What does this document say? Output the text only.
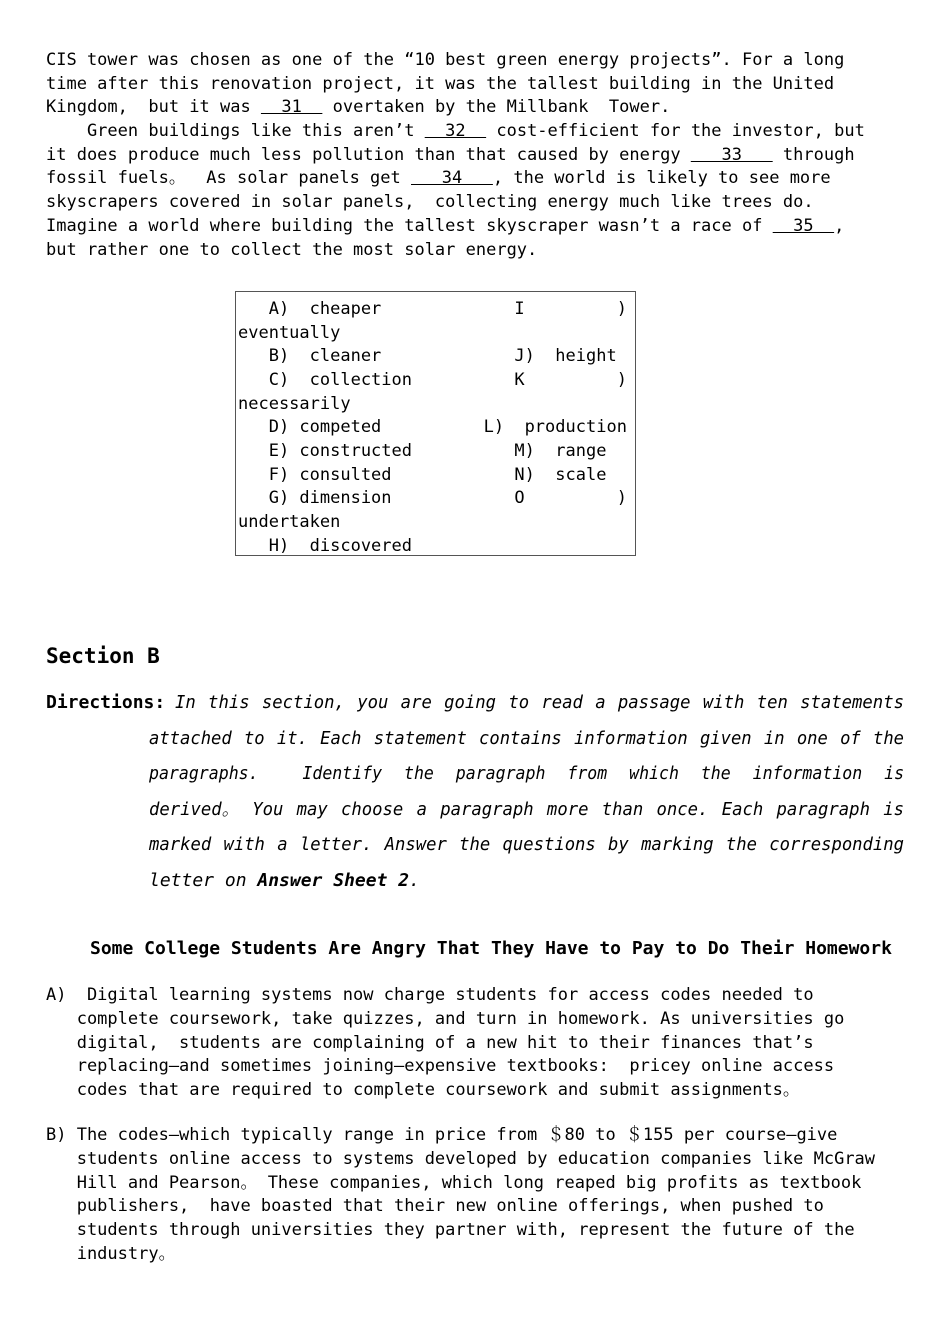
CIS tower was chosen as one of the “10 best green energy projects”. For a long
time after this renovation project, it was the tallest building in the United
Kingdom,  but it was   31   overtaken by the Millbank  Tower.
Green buildings like this aren’t   32   cost-efficient for the investor, but
it does produce much less pollution than that caused by energy    33    through
fossil fuels。  As solar panels get    34   , the world is likely to see more
skyscrapers covered in solar panels,  collecting energy much like trees do.
Imagine a world where building the tallest skyscraper wasn’t a race of   35  ,
but rather one to collect the most solar energy.
A)  cheaper             I         )
eventually
B)  cleaner             J)  height
C)  collection          K         )
necessarily
D) competed          L)  production
E) constructed          M)  range
F) consulted            N)  scale
G) dimension            O         )
undertaken
H)  discovered
Section B
Directions: In this section, you are going to read a passage with ten statements
attached to it. Each statement contains information given in one of the
paragraphs.  Identify the paragraph from which the information is
derived。 You may choose a paragraph more than once. Each paragraph is
marked with a letter. Answer the questions by marking the corresponding
letter on Answer Sheet 2.
Some College Students Are Angry That They Have to Pay to Do Their Homework
A)  Digital learning systems now charge students for access codes needed to
complete coursework, take quizzes, and turn in homework. As universities go
digital,  students are complaining of a new hit to their finances that’s
replacing—and sometimes joining—expensive textbooks:  pricey online access
codes that are required to complete coursework and submit assignments。
B) The codes—which typically range in price from ＄80 to ＄155 per course—give
students online access to systems developed by education companies like McGraw
Hill and Pearson。 These companies, which long reaped big profits as textbook
publishers,  have boasted that their new online offerings, when pushed to
students through universities they partner with, represent the future of the
industry。
